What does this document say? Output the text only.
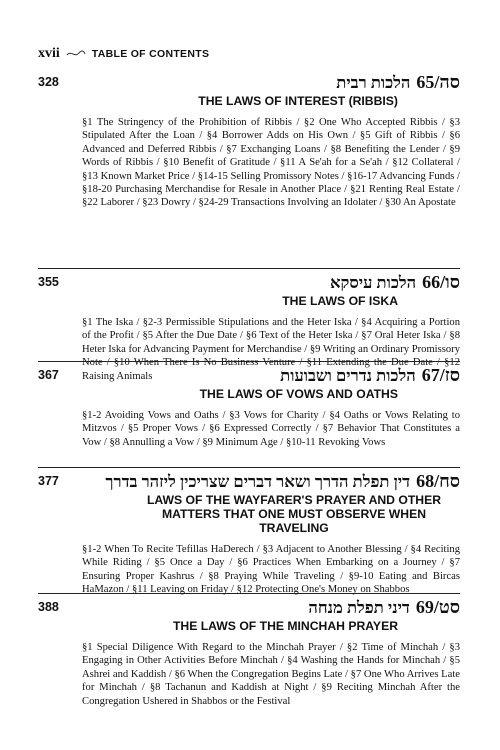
xvii	TABLE OF CONTENTS
328	הלכות רבית 65/סה
THE LAWS OF INTEREST (RIBBIS)
§1 The Stringency of the Prohibition of Ribbis / §2 One Who Accepted Ribbis / §3 Stipulated After the Loan / §4 Borrower Adds on His Own / §5 Gift of Ribbis / §6 Advanced and Deferred Ribbis / §7 Exchanging Loans / §8 Benefiting the Lender / §9 Words of Ribbis / §10 Benefit of Gratitude / §11 A Se'ah for a Se'ah / §12 Collateral / §13 Known Market Price / §14-15 Selling Promissory Notes / §16-17 Advancing Funds / §18-20 Purchasing Merchandise for Resale in Another Place / §21 Renting Real Estate / §22 Laborer / §23 Dowry / §24-29 Transactions Involving an Idolater / §30 An Apostate
355	הלכות עיסקא 66/סו
THE LAWS OF ISKA
§1 The Iska / §2-3 Permissible Stipulations and the Heter Iska / §4 Acquiring a Portion of the Profit / §5 After the Due Date / §6 Text of the Heter Iska / §7 Oral Heter Iska / §8 Heter Iska for Advancing Payment for Merchandise / §9 Writing an Ordinary Promissory Note / §10 When There Is No Business Venture / §11 Extending the Due Date / §12 Raising Animals
367	הלכות נדרים ושבועות 67/סז
THE LAWS OF VOWS AND OATHS
§1-2 Avoiding Vows and Oaths / §3 Vows for Charity / §4 Oaths or Vows Relating to Mitzvos / §5 Proper Vows / §6 Expressed Correctly / §7 Behavior That Constitutes a Vow / §8 Annulling a Vow / §9 Minimum Age / §10-11 Revoking Vows
377	דין תפלת הדרך ושאר דברים שצריכין ליזהר בדרך 68/סח
LAWS OF THE WAYFARER'S PRAYER AND OTHER MATTERS THAT ONE MUST OBSERVE WHEN TRAVELING
§1-2 When To Recite Tefillas HaDerech / §3 Adjacent to Another Blessing / §4 Reciting While Riding / §5 Once a Day / §6 Practices When Embarking on a Journey / §7 Ensuring Proper Kashrus / §8 Praying While Traveling / §9-10 Eating and Bircas HaMazon / §11 Leaving on Friday / §12 Protecting One's Money on Shabbos
388	דיני תפלת מנחה 69/סט
THE LAWS OF THE MINCHAH PRAYER
§1 Special Diligence With Regard to the Minchah Prayer / §2 Time of Minchah / §3 Engaging in Other Activities Before Minchah / §4 Washing the Hands for Minchah / §5 Ashrei and Kaddish / §6 When the Congregation Begins Late / §7 One Who Arrives Late for Minchah / §8 Tachanun and Kaddish at Night / §9 Reciting Minchah After the Congregation Ushered in Shabbos or the Festival
